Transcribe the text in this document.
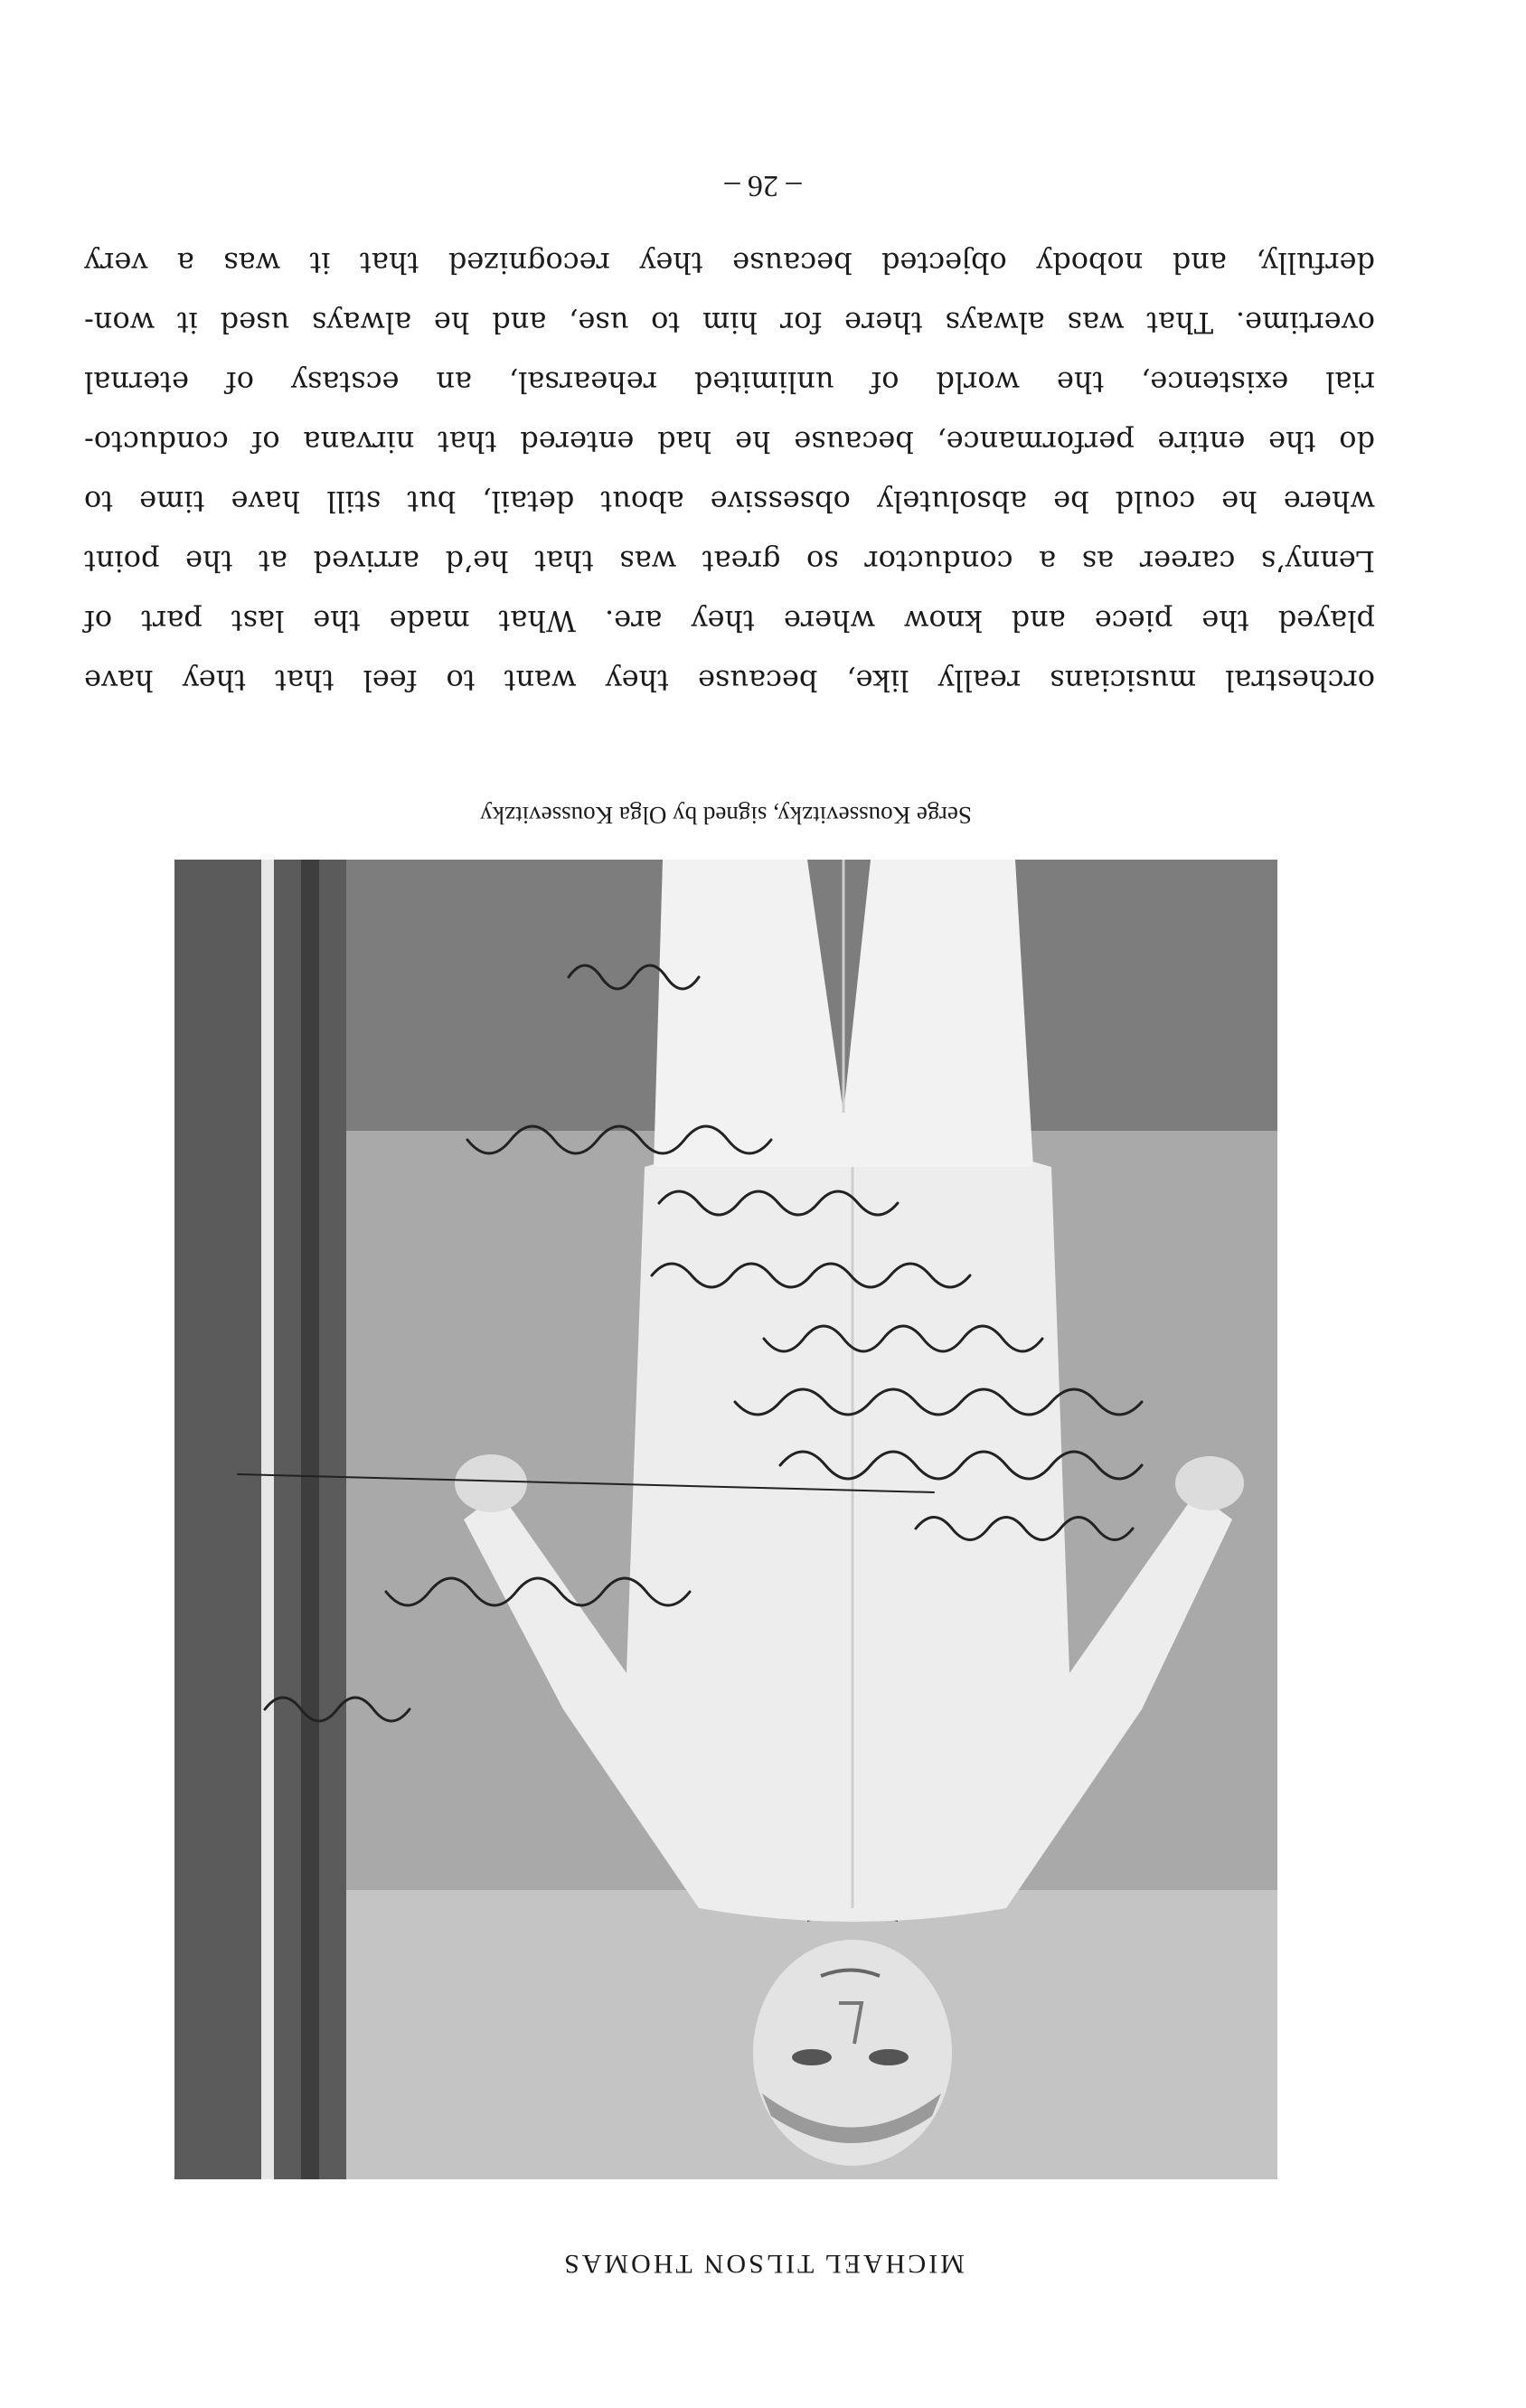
MICHAEL TILSON THOMAS
Serge Koussevitzky, signed by Olga Koussevitzky
orchestral musicians really like, because they want to feel that they have
played the piece and know where they are. What made the last part of
Lenny’s career as a conductor so great was that he’d arrived at the point
where he could be absolutely obsessive about detail, but still have time to
do the entire performance, because he had entered that nirvana of conducto-
rial existence, the world of unlimited rehearsal, an ecstasy of eternal
overtime. That was always there for him to use, and he always used it won-
derfully, and nobody objected because they recognized that it was a very
– 26 –
